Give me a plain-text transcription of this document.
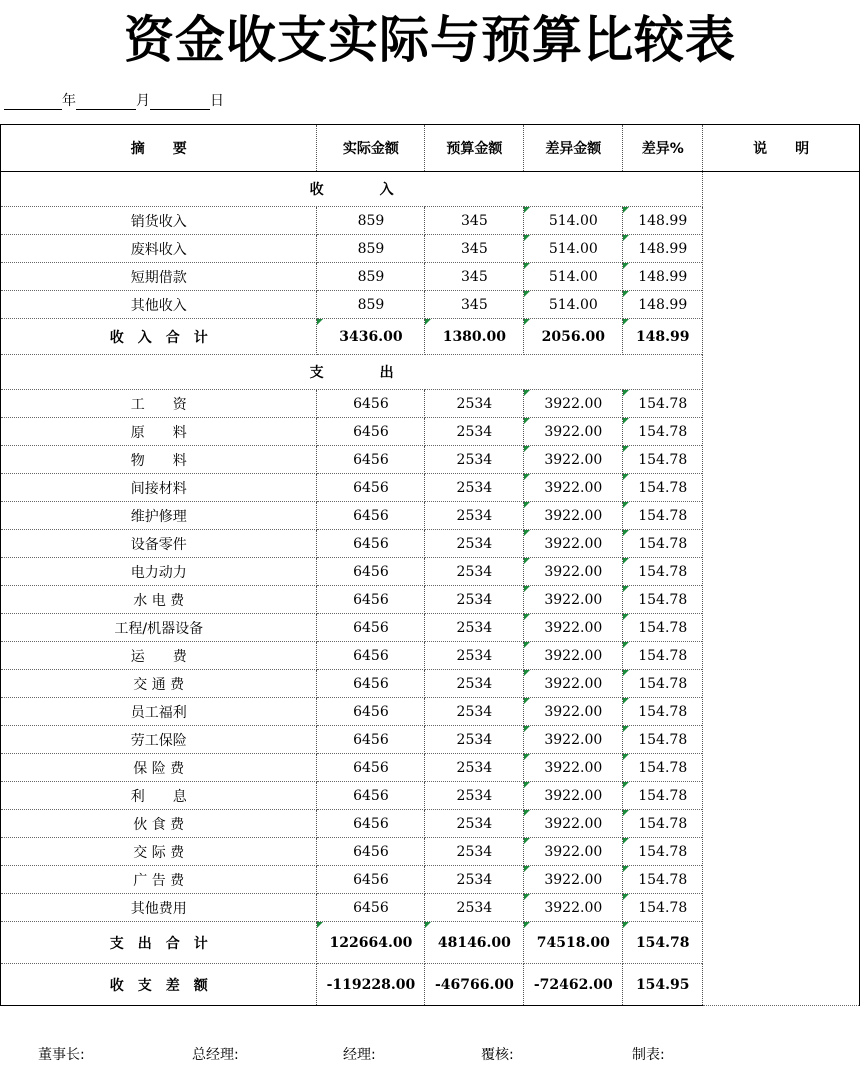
资金收支实际与预算比较表
年	月	日
摘　　要	实际金额	预算金额	差异金额	差异%	说　　明
收　　　　入					
销货收入	859	345	514.00	148.99	
废料收入	859	345	514.00	148.99	
短期借款	859	345	514.00	148.99	
其他收入	859	345	514.00	148.99	
收　入　合　计	3436.00	1380.00	2056.00	148.99	
支　　　　出					
工　　资	6456	2534	3922.00	154.78	
原　　料	6456	2534	3922.00	154.78	
物　　料	6456	2534	3922.00	154.78	
间接材料	6456	2534	3922.00	154.78	
维护修理	6456	2534	3922.00	154.78	
设备零件	6456	2534	3922.00	154.78	
电力动力	6456	2534	3922.00	154.78	
水 电 费	6456	2534	3922.00	154.78	
工程/机器设备	6456	2534	3922.00	154.78	
运　　费	6456	2534	3922.00	154.78	
交 通 费	6456	2534	3922.00	154.78	
员工福利	6456	2534	3922.00	154.78	
劳工保险	6456	2534	3922.00	154.78	
保 险 费	6456	2534	3922.00	154.78	
利　　息	6456	2534	3922.00	154.78	
伙 食 费	6456	2534	3922.00	154.78	
交 际 费	6456	2534	3922.00	154.78	
广 告 费	6456	2534	3922.00	154.78	
其他费用	6456	2534	3922.00	154.78	
支　出　合　计	122664.00	48146.00	74518.00	154.78	
收　支　差　额	-119228.00	-46766.00	-72462.00	154.95	
董事长:	总经理:	经理:	覆核:	制表:
